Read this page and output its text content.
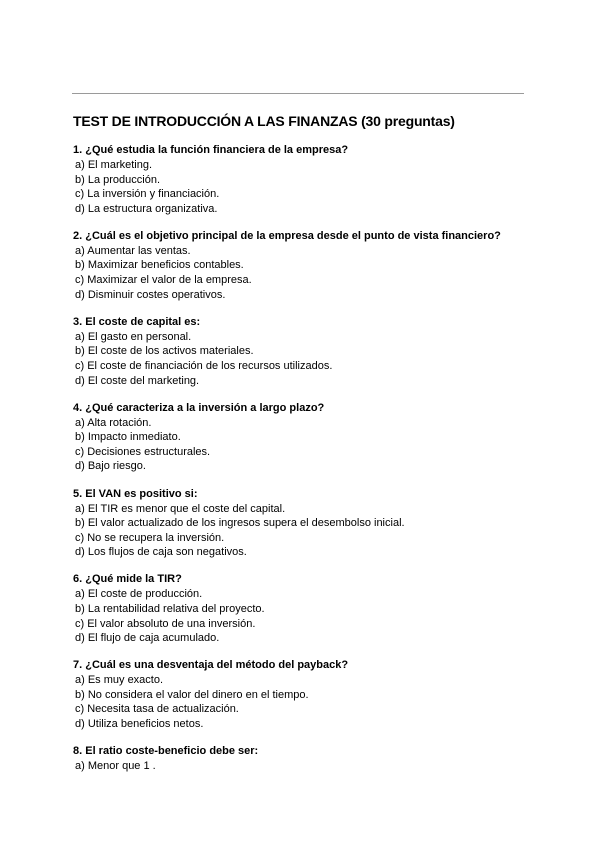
TEST DE INTRODUCCIÓN A LAS FINANZAS (30 preguntas)
1. ¿Qué estudia la función financiera de la empresa?
a) El marketing.
b) La producción.
c) La inversión y financiación.
d) La estructura organizativa.
2. ¿Cuál es el objetivo principal de la empresa desde el punto de vista financiero?
a) Aumentar las ventas.
b) Maximizar beneficios contables.
c) Maximizar el valor de la empresa.
d) Disminuir costes operativos.
3. El coste de capital es:
a) El gasto en personal.
b) El coste de los activos materiales.
c) El coste de financiación de los recursos utilizados.
d) El coste del marketing.
4. ¿Qué caracteriza a la inversión a largo plazo?
a) Alta rotación.
b) Impacto inmediato.
c) Decisiones estructurales.
d) Bajo riesgo.
5. El VAN es positivo si:
a) El TIR es menor que el coste del capital.
b) El valor actualizado de los ingresos supera el desembolso inicial.
c) No se recupera la inversión.
d) Los flujos de caja son negativos.
6. ¿Qué mide la TIR?
a) El coste de producción.
b) La rentabilidad relativa del proyecto.
c) El valor absoluto de una inversión.
d) El flujo de caja acumulado.
7. ¿Cuál es una desventaja del método del payback?
a) Es muy exacto.
b) No considera el valor del dinero en el tiempo.
c) Necesita tasa de actualización.
d) Utiliza beneficios netos.
8. El ratio coste-beneficio debe ser:
a) Menor que 1 .
